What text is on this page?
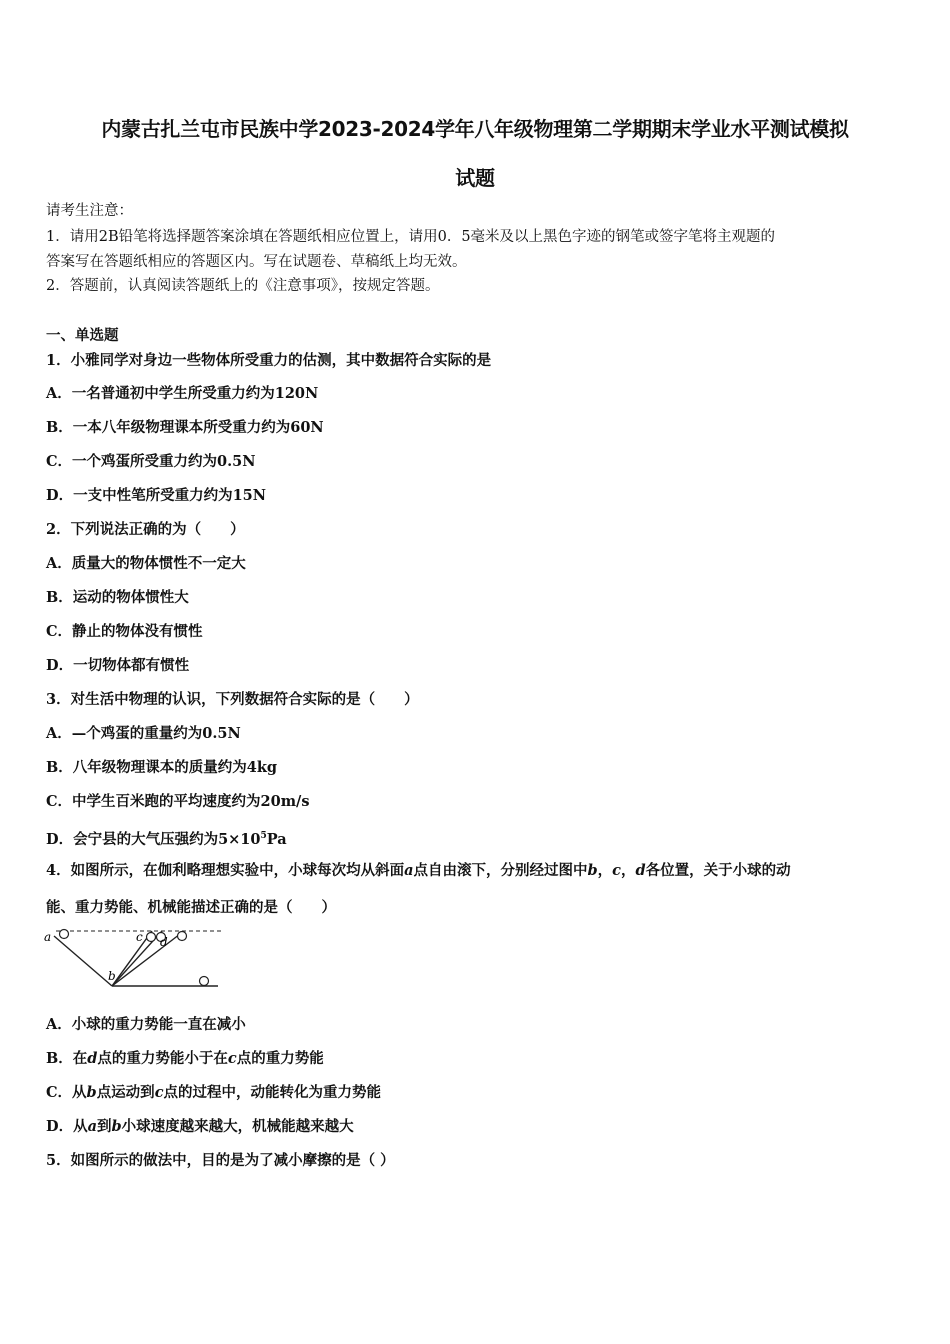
内蒙古扎兰屯市民族中学2023-2024学年八年级物理第二学期期末学业水平测试模拟
试题
请考生注意：
1．请用2B铅笔将选择题答案涂填在答题纸相应位置上，请用0．5毫米及以上黑色字迹的钢笔或签字笔将主观题的
答案写在答题纸相应的答题区内。写在试题卷、草稿纸上均无效。
2．答题前，认真阅读答题纸上的《注意事项》，按规定答题。
一、单选题
1．小雅同学对身边一些物体所受重力的估测，其中数据符合实际的是
A．一名普通初中学生所受重力约为120N
B．一本八年级物理课本所受重力约为60N
C．一个鸡蛋所受重力约为0.5N
D．一支中性笔所受重力约为15N
2．下列说法正确的为（　　）
A．质量大的物体惯性不一定大
B．运动的物体惯性大
C．静止的物体没有惯性
D．一切物体都有惯性
3．对生活中物理的认识，下列数据符合实际的是（　　）
A．—个鸡蛋的重量约为0.5N
B．八年级物理课本的质量约为4kg
C．中学生百米跑的平均速度约为20m/s
D．会宁县的大气压强约为$5\times 10^5Pa$
4．如图所示，在伽利略理想实验中，小球每次均从斜面a点自由滚下，分别经过图中b，c，d各位置，关于小球的动
能、重力势能、机械能描述正确的是（　　）
a
b
c d
A．小球的重力势能一直在减小
B．在d点的重力势能小于在c点的重力势能
C．从b点运动到c点的过程中，动能转化为重力势能
D．从a到b小球速度越来越大，机械能越来越大
5．如图所示的做法中，目的是为了减小摩擦的是（ ）
